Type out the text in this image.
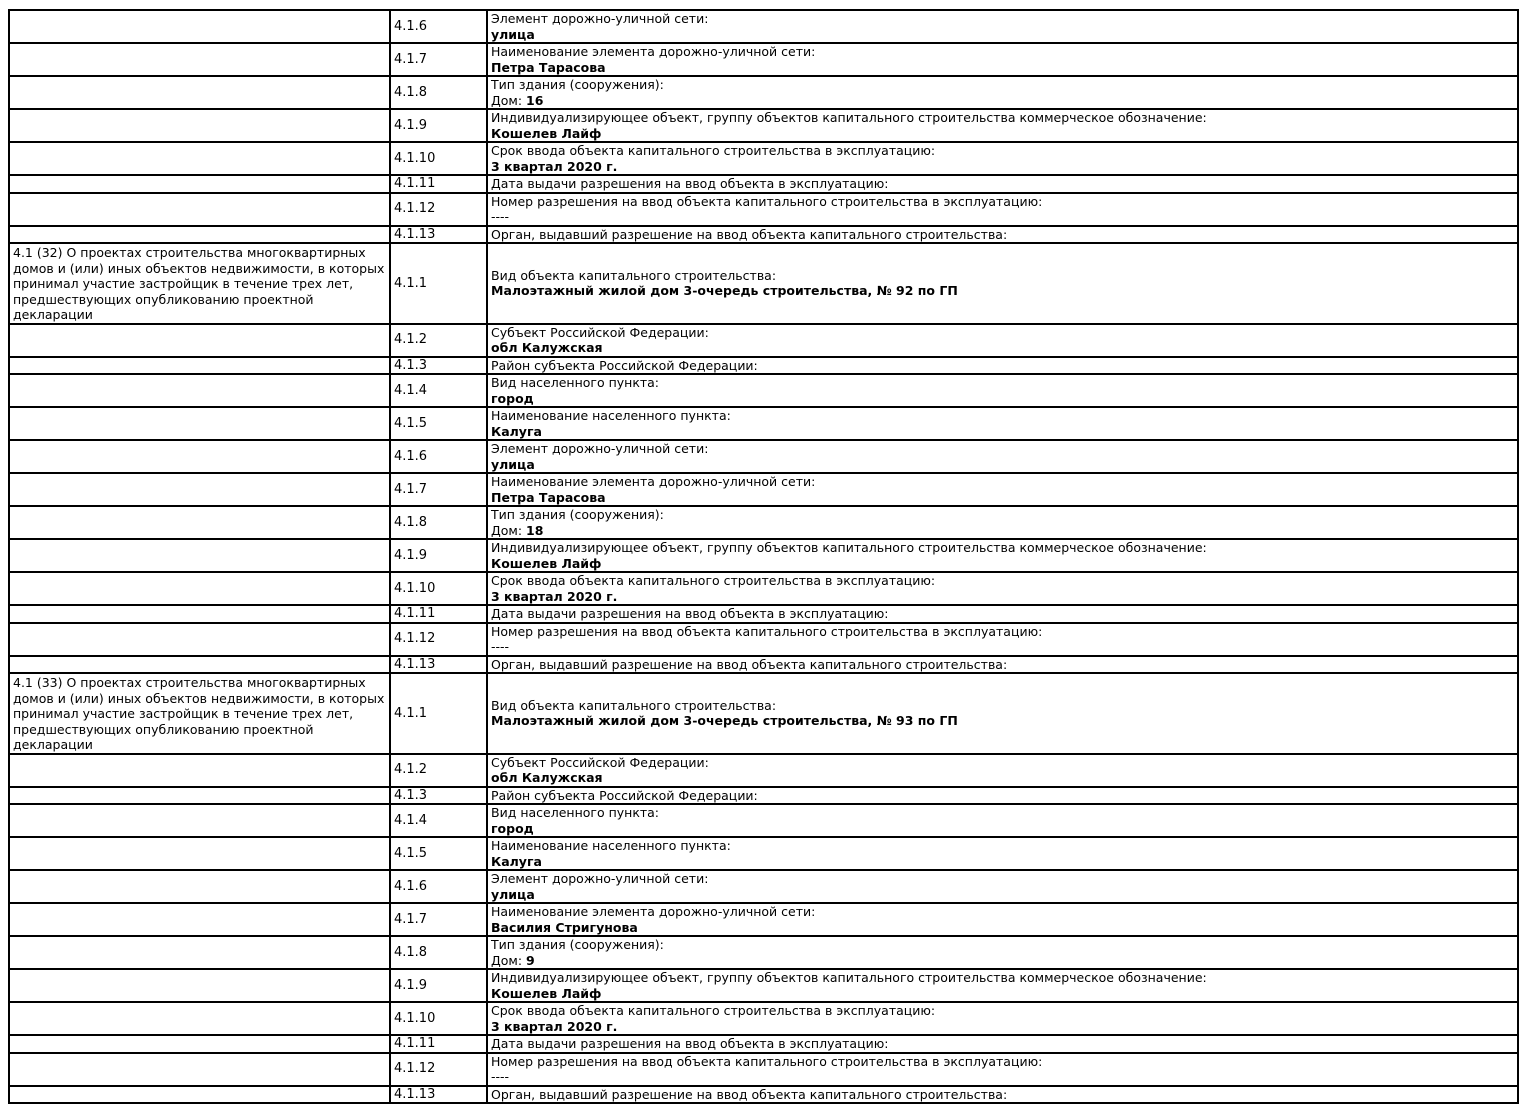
	4.1.6	Элемент дорожно-уличной сети:
улица

	4.1.7	Наименование элемента дорожно-уличной сети:
Петра Тарасова

	4.1.8	Тип здания (сооружения):
Дом: 16

	4.1.9	Индивидуализирующее объект, группу объектов капитального строительства коммерческое обозначение:
Кошелев Лайф

	4.1.10	Срок ввода объекта капитального строительства в эксплуатацию:
3 квартал 2020 г.

	4.1.11	Дата выдачи разрешения на ввод объекта в эксплуатацию:

	4.1.12	Номер разрешения на ввод объекта капитального строительства в эксплуатацию:
----

	4.1.13	Орган, выдавший разрешение на ввод объекта капитального строительства:

4.1 (32) О проектах строительства многоквартирных домов и (или) иных объектов недвижимости, в которых принимал участие застройщик в течение трех лет, предшествующих опубликованию проектной декларации	4.1.1	Вид объекта капитального строительства:
Малоэтажный жилой дом 3-очередь строительства, № 92 по ГП

	4.1.2	Субъект Российской Федерации:
обл Калужская

	4.1.3	Район субъекта Российской Федерации:

	4.1.4	Вид населенного пункта:
город

	4.1.5	Наименование населенного пункта:
Калуга

	4.1.6	Элемент дорожно-уличной сети:
улица

	4.1.7	Наименование элемента дорожно-уличной сети:
Петра Тарасова

	4.1.8	Тип здания (сооружения):
Дом: 18

	4.1.9	Индивидуализирующее объект, группу объектов капитального строительства коммерческое обозначение:
Кошелев Лайф

	4.1.10	Срок ввода объекта капитального строительства в эксплуатацию:
3 квартал 2020 г.

	4.1.11	Дата выдачи разрешения на ввод объекта в эксплуатацию:

	4.1.12	Номер разрешения на ввод объекта капитального строительства в эксплуатацию:
----

	4.1.13	Орган, выдавший разрешение на ввод объекта капитального строительства:

4.1 (33) О проектах строительства многоквартирных домов и (или) иных объектов недвижимости, в которых принимал участие застройщик в течение трех лет, предшествующих опубликованию проектной декларации	4.1.1	Вид объекта капитального строительства:
Малоэтажный жилой дом 3-очередь строительства, № 93 по ГП

	4.1.2	Субъект Российской Федерации:
обл Калужская

	4.1.3	Район субъекта Российской Федерации:

	4.1.4	Вид населенного пункта:
город

	4.1.5	Наименование населенного пункта:
Калуга

	4.1.6	Элемент дорожно-уличной сети:
улица

	4.1.7	Наименование элемента дорожно-уличной сети:
Василия Стригунова

	4.1.8	Тип здания (сооружения):
Дом: 9

	4.1.9	Индивидуализирующее объект, группу объектов капитального строительства коммерческое обозначение:
Кошелев Лайф

	4.1.10	Срок ввода объекта капитального строительства в эксплуатацию:
3 квартал 2020 г.

	4.1.11	Дата выдачи разрешения на ввод объекта в эксплуатацию:

	4.1.12	Номер разрешения на ввод объекта капитального строительства в эксплуатацию:
----

	4.1.13	Орган, выдавший разрешение на ввод объекта капитального строительства:
